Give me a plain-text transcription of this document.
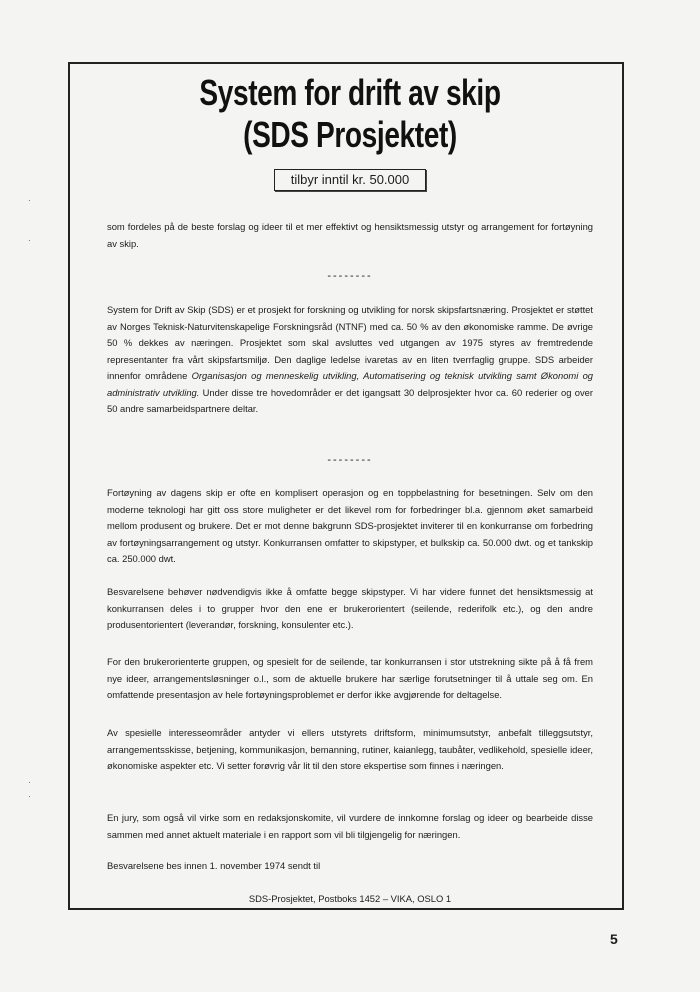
System for drift av skip
(SDS Prosjektet)
tilbyr inntil kr. 50.000

som fordeles på de beste forslag og ideer til et mer effektivt og hensiktsmessig utstyr og arrangement for fortøyning av skip.

--------

System for Drift av Skip (SDS) er et prosjekt for forskning og utvikling for norsk skipsfartsnæring. Prosjektet er støttet av Norges Teknisk-Naturvitenskapelige Forskningsråd (NTNF) med ca. 50 % av den økonomiske ramme. De øvrige 50 % dekkes av næringen. Prosjektet som skal avsluttes ved utgangen av 1975 styres av fremtredende representanter fra vårt skipsfartsmiljø. Den daglige ledelse ivaretas av en liten tverrfaglig gruppe. SDS arbeider innenfor områdene Organisasjon og menneskelig utvikling, Automatisering og teknisk utvikling samt Økonomi og administrativ utvikling. Under disse tre hovedområder er det igangsatt 30 delprosjekter hvor ca. 60 rederier og over 50 andre samarbeidspartnere deltar.

--------

Fortøyning av dagens skip er ofte en komplisert operasjon og en toppbelastning for besetningen. Selv om den moderne teknologi har gitt oss store muligheter er det likevel rom for forbedringer bl.a. gjennom øket samarbeid mellom produsent og brukere. Det er mot denne bakgrunn SDS-prosjektet inviterer til en konkurranse om forbedring av fortøyningsarrangement og utstyr. Konkurransen omfatter to skipstyper, et bulkskip ca. 50.000 dwt. og et tankskip ca. 250.000 dwt.

Besvarelsene behøver nødvendigvis ikke å omfatte begge skipstyper. Vi har videre funnet det hensiktsmessig at konkurransen deles i to grupper hvor den ene er brukerorientert (seilende, rederifolk etc.), og den andre produsentorientert (leverandør, forskning, konsulenter etc.).

For den brukerorienterte gruppen, og spesielt for de seilende, tar konkurransen i stor utstrekning sikte på å få frem nye ideer, arrangementsløsninger o.l., som de aktuelle brukere har særlige forutsetninger til å uttale seg om. En omfattende presentasjon av hele fortøyningsproblemet er derfor ikke avgjørende for deltagelse.

Av spesielle interesseområder antyder vi ellers utstyrets driftsform, minimumsutstyr, anbefalt tilleggsutstyr, arrangementsskisse, betjening, kommunikasjon, bemanning, rutiner, kaianlegg, taubåter, vedlikehold, spesielle ideer, økonomiske aspekter etc. Vi setter forøvrig vår lit til den store ekspertise som finnes i næringen.

En jury, som også vil virke som en redaksjonskomite, vil vurdere de innkomne forslag og ideer og bearbeide disse sammen med annet aktuelt materiale i en rapport som vil bli tilgjengelig for næringen.

Besvarelsene bes innen 1. november 1974 sendt til

SDS-Prosjektet, Postboks 1452 – VIKA, OSLO 1
5
·
·
·
·
